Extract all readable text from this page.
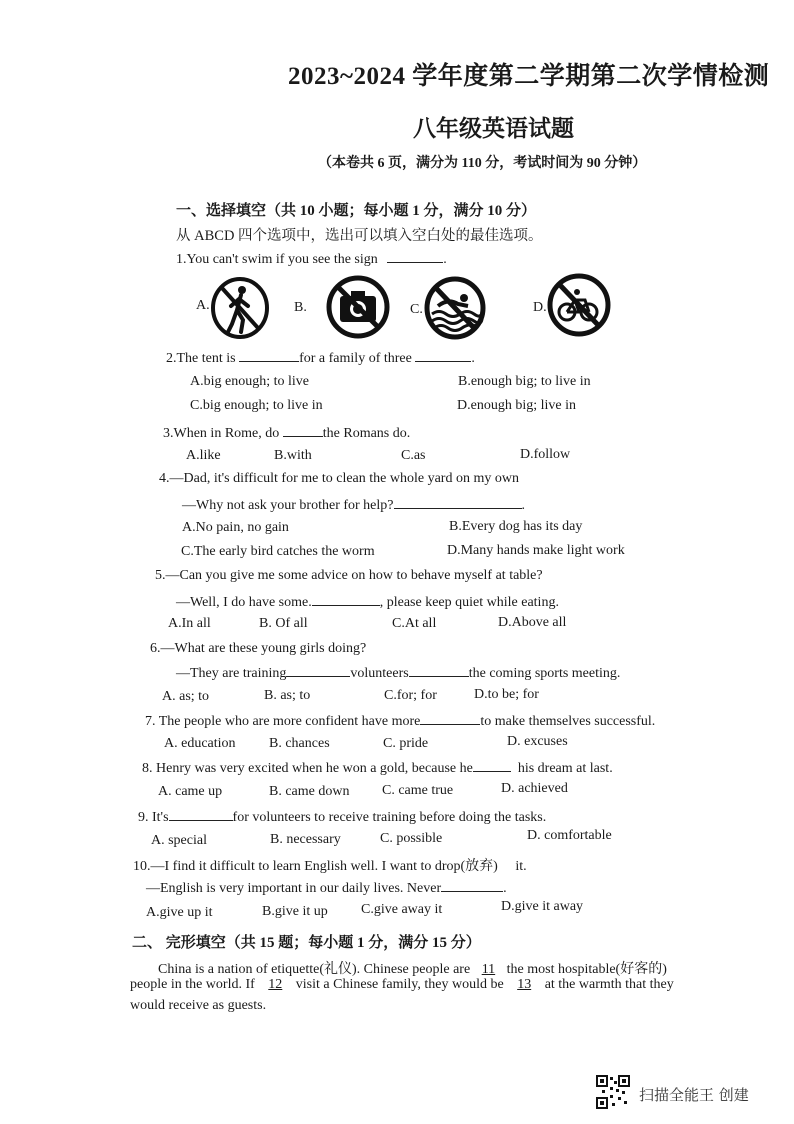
2023~2024 学年度第二学期第二次学情检测
八年级英语试题
（本卷共 6 页，满分为 110 分，考试时间为 90 分钟）
一、选择填空（共 10 小题；每小题 1 分，满分 10 分）
从 ABCD 四个选项中，选出可以填入空白处的最佳选项。
1.You can't swim if you see the sign	.
A.	B.	C.	D.
2.The tent is	for a family of three	.
A.big enough; to live	B.enough big; to live in
C.big enough; to live in	D.enough big; live in
3.When in Rome, do	the Romans do.
A.like	B.with	C.as	D.follow
4.—Dad, it's difficult for me to clean the whole yard on my own
—Why not ask your brother for help?	.
A.No pain, no gain	B.Every dog has its day
C.The early bird catches the worm	D.Many hands make light work
5.—Can you give me some advice on how to behave myself at table?
—Well, I do have some.	, please keep quiet while eating.
A.In all	B. Of all	C.At all	D.Above all
6.—What are these young girls doing?
—They are training	volunteers	the coming sports meeting.
A. as; to	B. as; to	C.for; for	D.to be; for
7. The people who are more confident have more	to make themselves successful.
A. education B. chances	C. pride	D. excuses
8. Henry was very excited when he won a gold, because he	his dream at last.
A. came up	B. came down C. came true	D. achieved
9. It's	for volunteers to receive training before doing the tasks.
A. special	B. necessary	C. possible	D. comfortable
10.—I find it difficult to learn English well. I want to drop(放弃) it.
—English is very important in our daily lives. Never	.
A.give up it	B.give it up C.give away it	D.give it away
二、 完形填空（共 15 题；每小题 1 分，满分 15 分）
China is a nation of etiquette(礼仪). Chinese people are 11 the most hospitable(好客的)
people in the world. If 12 visit a Chinese family, they would be 13 at the warmth that they
would receive as guests.
扫描全能王 创建
